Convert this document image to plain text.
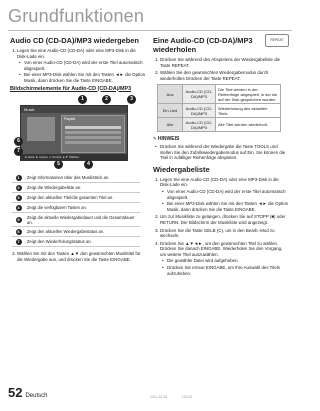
Grundfunktionen
Audio CD (CD-DA)/MP3 wiedergeben
1. Legen Sie eine Audio-CD (CD-DA) oder eine MP3-Disk in die Disk-Lade ein.
• Von einer Audio-CD (CD-DA) wird der erste Titel automatisch abgespielt.
• Bei einer MP3-Disk wählen Sie mit den Tasten ◄► die Option Musik, dann drücken Sie die Taste EINGABE.
Bildschirmelemente für Audio-CD (CD-DA)/MP3
Musik
Playlist
◄ Seite ► Option ↩ Zurück ▲▼ Wählen
1	2	3
4
5
6
7
1	Zeigt Informationen über das Musikstück an.
2	Zeigt die Wiedergabeliste an.
3	Zeigt den aktuellen Titel/die gesamten Titel an.
4	Zeigt die verfügbaren Tasten an.
5	Zeigt die aktuelle Wiedergabedauer und die Gesamtdauer an.
6	Zeigt den aktuellen Wiedergabestatus an.
7	Zeigt den Wiederholungsstatus an.
2. Wählen Sie mit den Tasten ▲▼ den gewünschten Musiktitel für die Wiedergabe aus, und drücken Sie die Taste EINGABE.
Eine Audio-CD (CD-DA)/MP3 wiederholen
REPEAT
1. Drücken Sie während des Abspielens der Wiedergabeliste die Taste REPEAT.
2. Wählen Sie den gewünschten Wiedergabemodus durch wiederholtes Drücken der Taste REPEAT.
Aus	Audio-CD (CD-DA)/MP3	Die Titel werden in der Reihenfolge abgespielt, in der sie auf der Disk gespeichert wurden.
Ein Lied	Audio-CD (CD-DA)/MP3	Wiederholung des aktuellen Titels.
Alle	Audio-CD (CD-DA)/MP3	Alle Titel werden wiederholt.
✎ HINWEIS
• Drücken Sie während der Wiedergabe die Taste TOOLS und stellen Sie den Zufallswiedergabemodus auf Ein. Sie können die Titel in zufälliger Reihenfolge abspielen.
Wiedergabeliste
1. Legen Sie eine Audio-CD (CD-DA) oder eine MP3-Disk in die Disk-Lade ein.
• Von einer Audio-CD (CD-DA) wird der erste Titel automatisch abgespielt.
• Bei einer MP3-Disk wählen Sie mit den Tasten ◄► die Option Musik, dann drücken Sie die Taste EINGABE.
2. Um zur Musikliste zu gelangen, drücken Sie auf STOPP (■) oder RETURN. Der Bildschirm der Musikliste wird angezeigt.
3. Drücken Sie die Taste GELB (C), um in den Bearb.-Mod zu wechseln.
4. Drücken Sie ▲▼◄►, um den gewünschten Titel zu wählen. Drücken Sie danach EINGABE. Wiederholen Sie den Vorgang, um weitere Titel auszuwählen.
• Die gewählte Datei wird aufgehoben.
• Drücken Sie erneut EINGABE, um Ihre Auswahl des Titels aufzuheben.
52 Deutsch	2011-12-26	1:00:22
